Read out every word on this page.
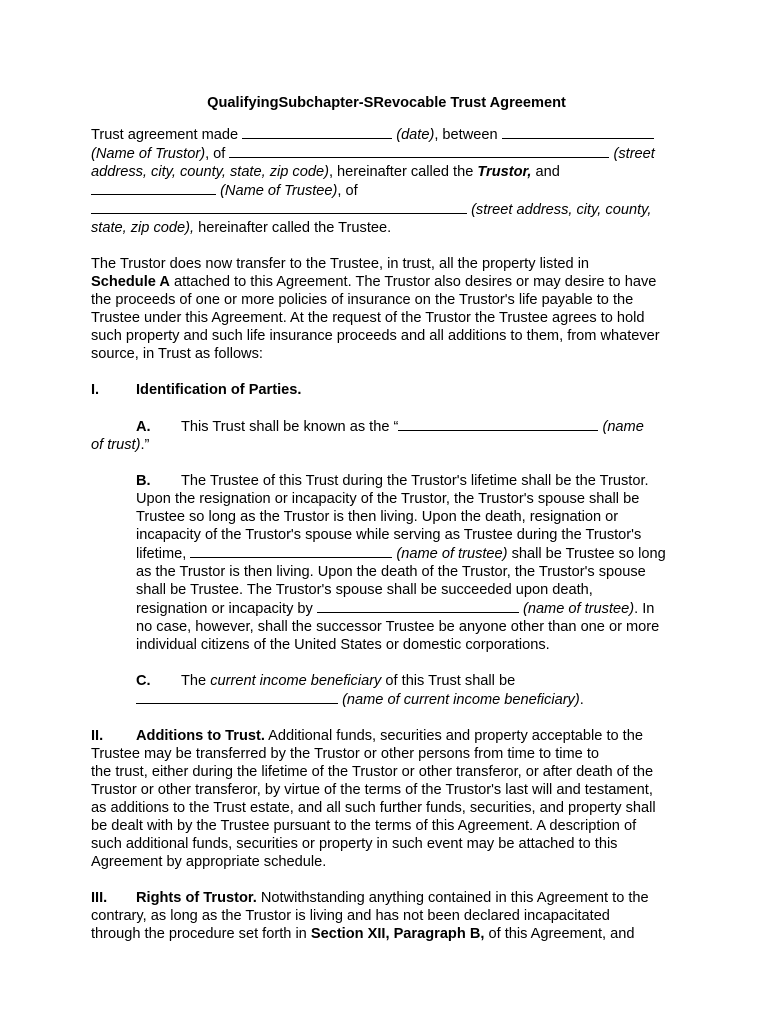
QualifyingSubchapter-SRevocable Trust Agreement

Trust agreement made	(date), between
(Name of Trustor), of	(street
address, city, county, state, zip code), hereinafter called the Trustor, and
(Name of Trustee), of
(street address, city, county,
state, zip code), hereinafter called the Trustee.
The Trustor does now transfer to the Trustee, in trust, all the property listed in
Schedule A attached to this Agreement. The Trustor also desires or may desire to have
the proceeds of one or more policies of insurance on the Trustor's life payable to the
Trustee under this Agreement. At the request of the Trustor the Trustee agrees to hold
such property and such life insurance proceeds and all additions to them, from whatever
source, in Trust as follows:
I.	Identification of Parties.
A. This Trust shall be known as the “	(name
of trust).”
B. The Trustee of this Trust during the Trustor's lifetime shall be the Trustor.
Upon the resignation or incapacity of the Trustor, the Trustor's spouse shall be
Trustee so long as the Trustor is then living. Upon the death, resignation or
incapacity of the Trustor's spouse while serving as Trustee during the Trustor's
lifetime,	(name of trustee) shall be Trustee so long
as the Trustor is then living. Upon the death of the Trustor, the Trustor's spouse
shall be Trustee. The Trustor's spouse shall be succeeded upon death,
resignation or incapacity by	(name of trustee). In
no case, however, shall the successor Trustee be anyone other than one or more
individual citizens of the United States or domestic corporations.
C. The current income beneficiary of this Trust shall be
(name of current income beneficiary).
II. Additions to Trust. Additional funds, securities and property acceptable to the
Trustee may be transferred by the Trustor or other persons from time to time to
the trust, either during the lifetime of the Trustor or other transferor, or after death of the
Trustor or other transferor, by virtue of the terms of the Trustor's last will and testament,
as additions to the Trust estate, and all such further funds, securities, and property shall
be dealt with by the Trustee pursuant to the terms of this Agreement. A description of
such additional funds, securities or property in such event may be attached to this
Agreement by appropriate schedule.
III. Rights of Trustor. Notwithstanding anything contained in this Agreement to the
contrary, as long as the Trustor is living and has not been declared incapacitated
through the procedure set forth in Section XII, Paragraph B, of this Agreement, and
